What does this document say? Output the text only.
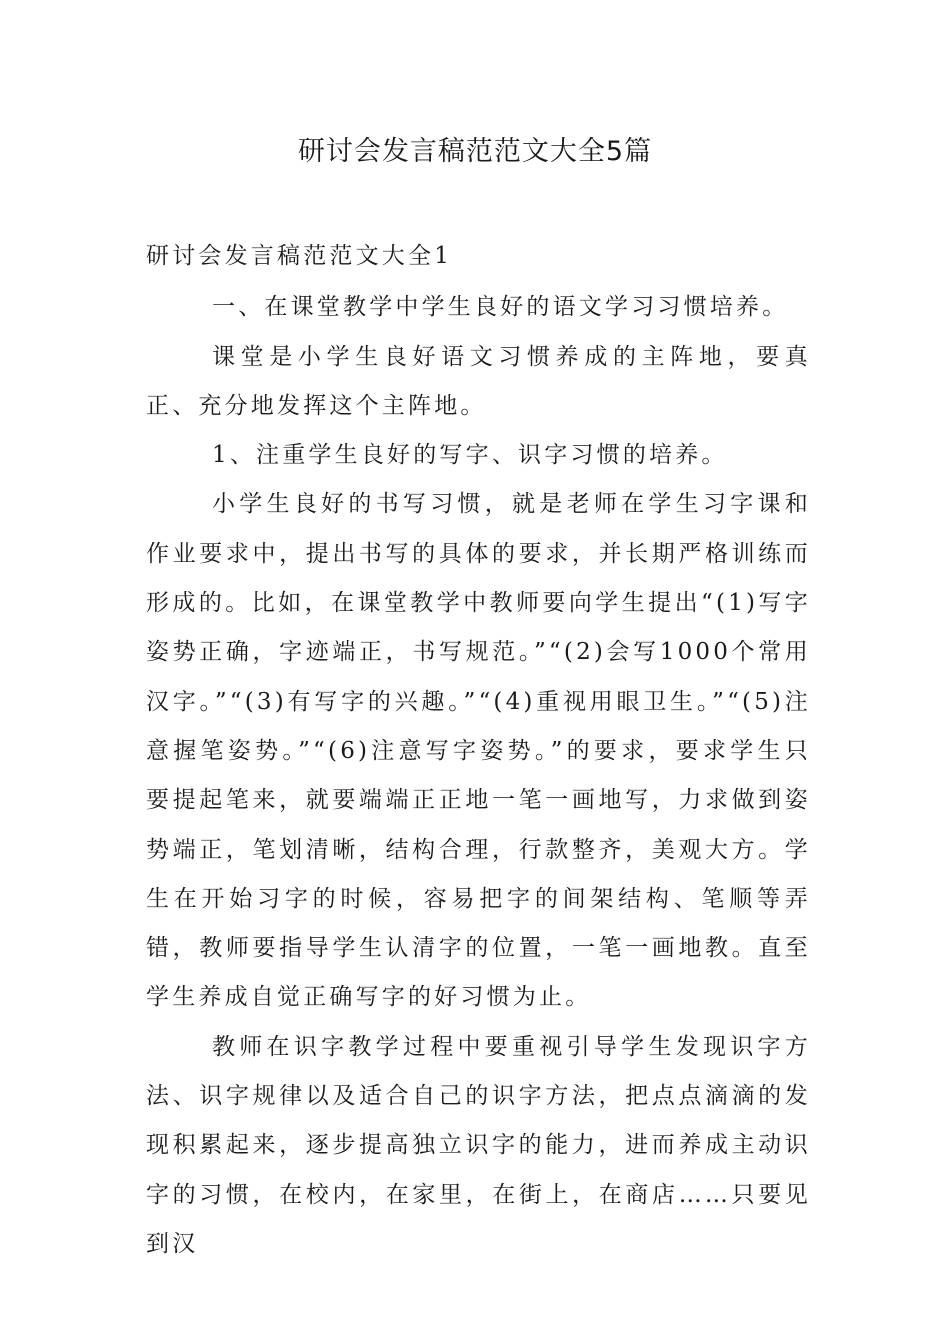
研讨会发言稿范范文大全5篇

研讨会发言稿范范文大全1

一、在课堂教学中学生良好的语文学习习惯培养。

课堂是小学生良好语文习惯养成的主阵地，要真正、充分地发挥这个主阵地。

1、注重学生良好的写字、识字习惯的培养。

小学生良好的书写习惯，就是老师在学生习字课和作业要求中，提出书写的具体的要求，并长期严格训练而形成的。比如，在课堂教学中教师要向学生提出“(1)写字姿势正确，字迹端正，书写规范。”“(2)会写1000个常用汉字。”“(3)有写字的兴趣。”“(4)重视用眼卫生。”“(5)注意握笔姿势。”“(6)注意写字姿势。”的要求，要求学生只要提起笔来，就要端端正正地一笔一画地写，力求做到姿势端正，笔划清晰，结构合理，行款整齐，美观大方。学生在开始习字的时候，容易把字的间架结构、笔顺等弄错，教师要指导学生认清字的位置，一笔一画地教。直至学生养成自觉正确写字的好习惯为止。

教师在识字教学过程中要重视引导学生发现识字方法、识字规律以及适合自己的识字方法，把点点滴滴的发现积累起来，逐步提高独立识字的能力，进而养成主动识字的习惯，在校内，在家里，在街上，在商店……只要见到汉
